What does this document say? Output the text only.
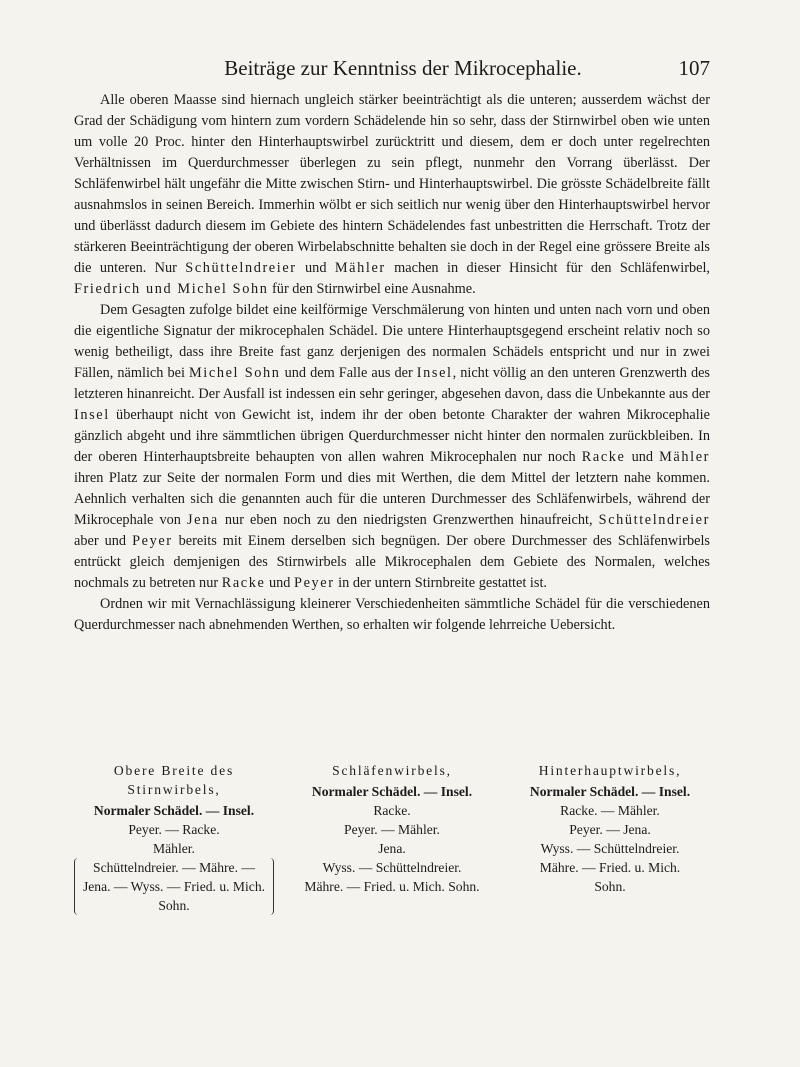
Beiträge zur Kenntniss der Mikrocephalie.	107

Alle oberen Maasse sind hiernach ungleich stärker beeinträchtigt als die unteren; ausserdem wächst der Grad der Schädigung vom hintern zum vordern Schädelende hin so sehr, dass der Stirnwirbel oben wie unten um volle 20 Proc. hinter den Hinterhauptswirbel zurücktritt und diesem, dem er doch unter regelrechten Verhältnissen im Querdurchmesser überlegen zu sein pflegt, nunmehr den Vorrang überlässt. Der Schläfenwirbel hält ungefähr die Mitte zwischen Stirn- und Hinterhauptswirbel. Die grösste Schädelbreite fällt ausnahmslos in seinen Bereich. Immerhin wölbt er sich seitlich nur wenig über den Hinterhauptswirbel hervor und überlässt dadurch diesem im Gebiete des hintern Schädelendes fast unbestritten die Herrschaft. Trotz der stärkeren Beeinträchtigung der oberen Wirbelabschnitte behalten sie doch in der Regel eine grössere Breite als die unteren. Nur Schüttelndreier und Mähler machen in dieser Hinsicht für den Schläfenwirbel, Friedrich und Michel Sohn für den Stirnwirbel eine Ausnahme.

Dem Gesagten zufolge bildet eine keilförmige Verschmälerung von hinten und unten nach vorn und oben die eigentliche Signatur der mikrocephalen Schädel. Die untere Hinterhauptsgegend erscheint relativ noch so wenig betheiligt, dass ihre Breite fast ganz derjenigen des normalen Schädels entspricht und nur in zwei Fällen, nämlich bei Michel Sohn und dem Falle aus der Insel, nicht völlig an den unteren Grenzwerth des letzteren hinanreicht. Der Ausfall ist indessen ein sehr geringer, abgesehen davon, dass die Unbekannte aus der Insel überhaupt nicht von Gewicht ist, indem ihr der oben betonte Charakter der wahren Mikrocephalie gänzlich abgeht und ihre sämmtlichen übrigen Querdurchmesser nicht hinter den normalen zurückbleiben. In der oberen Hinterhauptsbreite behaupten von allen wahren Mikrocephalen nur noch Racke und Mähler ihren Platz zur Seite der normalen Form und dies mit Werthen, die dem Mittel der letztern nahe kommen. Aehnlich verhalten sich die genannten auch für die unteren Durchmesser des Schläfenwirbels, während der Mikrocephale von Jena nur eben noch zu den niedrigsten Grenzwerthen hinaufreicht, Schüttelndreier aber und Peyer bereits mit Einem derselben sich begnügen. Der obere Durchmesser des Schläfenwirbels entrückt gleich demjenigen des Stirnwirbels alle Mikrocephalen dem Gebiete des Normalen, welches nochmals zu betreten nur Racke und Peyer in der untern Stirnbreite gestattet ist.

Ordnen wir mit Vernachlässigung kleinerer Verschiedenheiten sämmtliche Schädel für die verschiedenen Querdurchmesser nach abnehmenden Werthen, so erhalten wir folgende lehrreiche Uebersicht.

Obere Breite des Stirnwirbels,
Normaler Schädel. — Insel.
Peyer. — Racke.
Mähler.
Schüttelndreier. — Mähre. —
Jena. — Wyss. — Fried. u. Mich.
Sohn.
Schläfenwirbels,
Normaler Schädel. — Insel.
Racke.
Peyer. — Mähler.
Jena.
Wyss. — Schüttelndreier.
Mähre. — Fried. u. Mich. Sohn.
Hinterhauptwirbels,
Normaler Schädel. — Insel.
Racke. — Mähler.
Peyer. — Jena.
Wyss. — Schüttelndreier.
Mähre. — Fried. u. Mich.
Sohn.
